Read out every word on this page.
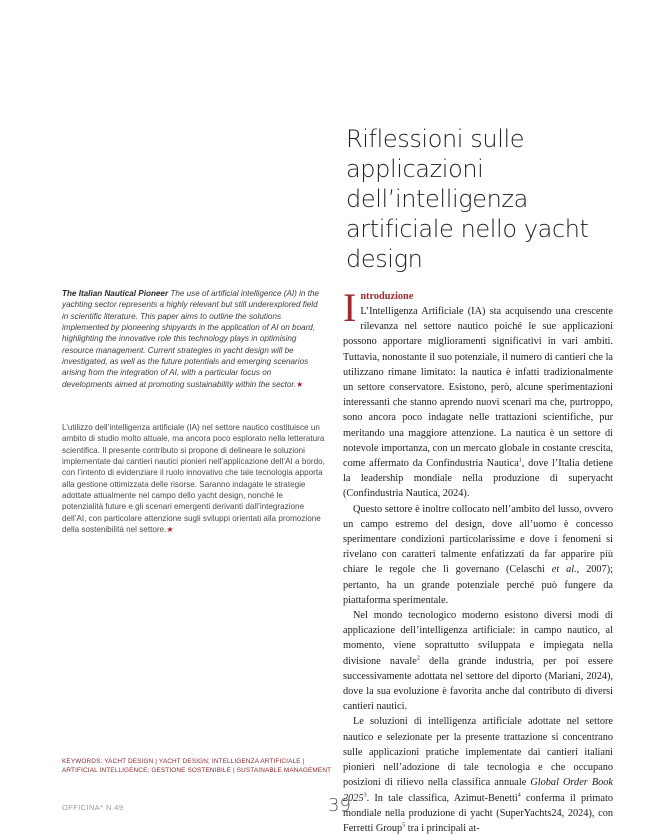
Riflessioni sulle applicazioni dell’intelligenza artificiale nello yacht design
The Italian Nautical Pioneer The use of artificial intelligence (AI) in the yachting sector represents a highly relevant but still underexplored field in scientific literature. This paper aims to outline the solutions implemented by pioneering shipyards in the application of AI on board, highlighting the innovative role this technology plays in optimising resource management. Current strategies in yacht design will be investigated, as well as the future potentials and emerging scenarios arising from the integration of AI, with a particular focus on developments aimed at promoting sustainability within the sector.★
L’utilizzo dell’intelligenza artificiale (IA) nel settore nautico costituisce un ambito di studio molto attuale, ma ancora poco esplorato nella letteratura scientifica. Il presente contributo si propone di delineare le soluzioni implementate dai cantieri nautici pionieri nell’applicazione dell’AI a bordo, con l’intento di evidenziare il ruolo innovativo che tale tecnologia apporta alla gestione ottimizzata delle risorse. Saranno indagate le strategie adottate attualmente nel campo dello yacht design, nonché le potenzialità future e gli scenari emergenti derivanti dall’integrazione dell’AI, con particolare attenzione sugli sviluppi orientati alla promozione della sostenibilità nel settore.★
KEYWORDS: YACHT DESIGN | YACHT DESIGN; INTELLIGENZA ARTIFICIALE | ARTIFICIAL INTELLIGENCE; GESTIONE SOSTENIBILE | SUSTAINABLE MANAGEMENT

I ntroduzione
L’Intelligenza Artificiale (IA) sta acquisendo una crescente rilevanza nel settore nautico poiché le sue applicazioni possono apportare miglioramenti significativi in vari ambiti. Tuttavia, nonostante il suo potenziale, il numero di cantieri che la utilizzano rimane limitato: la nautica è infatti tradizionalmente un settore conservatore. Esistono, però, alcune sperimentazioni interessanti che stanno aprendo nuovi scenari ma che, purtroppo, sono ancora poco indagate nelle trattazioni scientifiche, pur meritando una maggiore attenzione. La nautica è un settore di notevole importanza, con un mercato globale in costante crescita, come affermato da Confindustria Nautica$^1$, dove l’Italia detiene la leadership mondiale nella produzione di superyacht (Confindustria Nautica, 2024).

Questo settore è inoltre collocato nell’ambito del lusso, ovvero un campo estremo del design, dove all’uomo è concesso sperimentare condizioni particolarissime e dove i fenomeni si rivelano con caratteri talmente enfatizzati da far apparire più chiare le regole che li governano (Celaschi et al., 2007); pertanto, ha un grande potenziale perché può fungere da piattaforma sperimentale.

Nel mondo tecnologico moderno esistono diversi modi di applicazione dell’intelligenza artificiale: in campo nautico, al momento, viene soprattutto sviluppata e impiegata nella divisione navale$^2$ della grande industria, per poi essere successivamente adottata nel settore del diporto (Mariani, 2024), dove la sua evoluzione è favorita anche dal contributo di diversi cantieri nautici.

Le soluzioni di intelligenza artificiale adottate nel settore nautico e selezionate per la presente trattazione si concentrano sulle applicazioni pratiche implementate dai cantieri italiani pionieri nell’adozione di tale tecnologia e che occupano posizioni di rilievo nella classifica annuale Global Order Book 2025$^3$. In tale classifica, Azimut-Benetti$^4$ conferma il primato mondiale nella produzione di yacht (SuperYachts24, 2024), con Ferretti Group$^5$ tra i principali at-

OFFICINA* N.49	39
